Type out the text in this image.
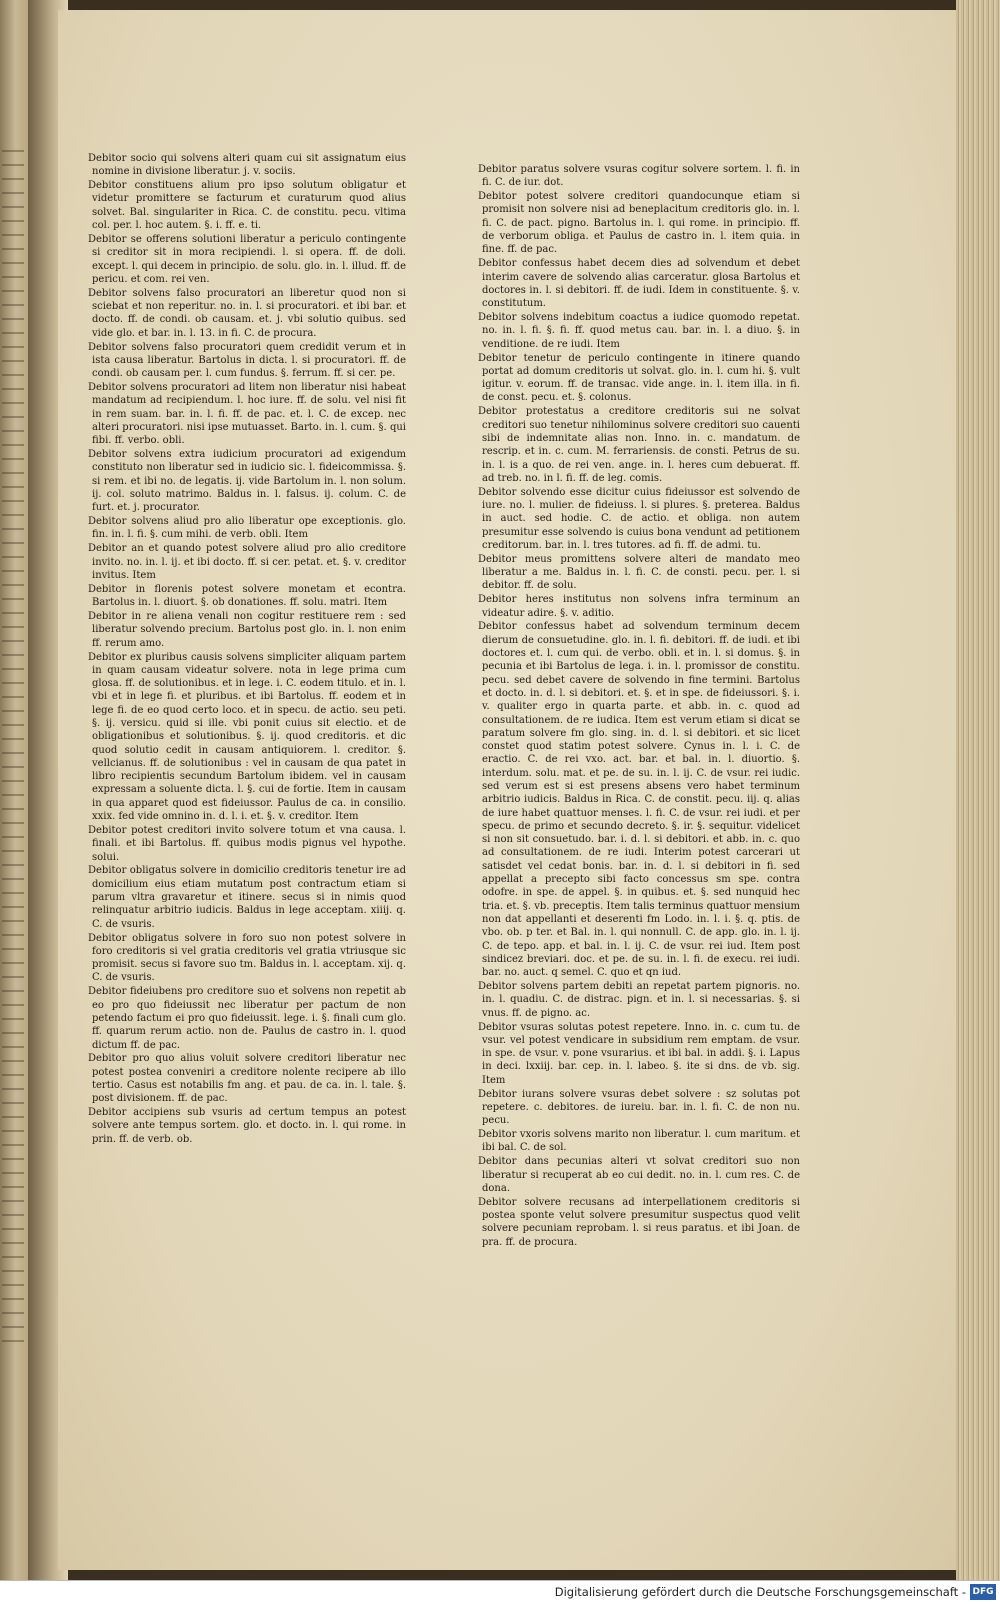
Debitor socio qui solvens alteri quam cui sit assignatum eius nomine in divisione liberatur. j. v. sociis.

Debitor constituens alium pro ipso solutum obligatur et videtur promittere se facturum et curaturum quod alius solvet. Bal. singulariter in Rica. C. de constitu. pecu. vltima col. per. l. hoc autem. §. i. ff. e. ti.

Debitor se offerens solutioni liberatur a periculo contingente si creditor sit in mora recipiendi. l. si opera. ff. de doli. except. l. qui decem in principio. de solu. glo. in. l. illud. ff. de pericu. et com. rei ven.

Debitor solvens falso procuratori an liberetur quod non si sciebat et non reperitur. no. in. l. si procuratori. et ibi bar. et docto. ff. de condi. ob causam. et. j. vbi solutio quibus. sed vide glo. et bar. in. l. 13. in fi. C. de procura.

Debitor solvens falso procuratori quem credidit verum et in ista causa liberatur. Bartolus in dicta. l. si procuratori. ff. de condi. ob causam per. l. cum fundus. §. ferrum. ff. si cer. pe.

Debitor solvens procuratori ad litem non liberatur nisi habeat mandatum ad recipiendum. l. hoc iure. ff. de solu. vel nisi fit in rem suam. bar. in. l. fi. ff. de pac. et. l. C. de excep. nec alteri procuratori. nisi ipse mutuasset. Barto. in. l. cum. §. qui fibi. ff. verbo. obli.

Debitor solvens extra iudicium procuratori ad exigendum constituto non liberatur sed in iudicio sic. l. fideicommissa. §. si rem. et ibi no. de legatis. ij. vide Bartolum in. l. non solum. ij. col. soluto matrimo. Baldus in. l. falsus. ij. colum. C. de furt. et. j. procurator.

Debitor solvens aliud pro alio liberatur ope exceptionis. glo. fin. in. l. fi. §. cum mihi. de verb. obli. Item

Debitor an et quando potest solvere aliud pro alio creditore invito. no. in. l. ij. et ibi docto. ff. si cer. petat. et. §. v. creditor invitus. Item

Debitor in florenis potest solvere monetam et econtra. Bartolus in. l. diuort. §. ob donationes. ff. solu. matri. Item

Debitor in re aliena venali non cogitur restituere rem : sed liberatur solvendo precium. Bartolus post glo. in. l. non enim ff. rerum amo.

Debitor ex pluribus causis solvens simpliciter aliquam partem in quam causam videatur solvere. nota in lege prima cum glosa. ff. de solutionibus. et in lege. i. C. eodem titulo. et in. l. vbi et in lege fi. et pluribus. et ibi Bartolus. ff. eodem et in lege fi. de eo quod certo loco. et in specu. de actio. seu peti. §. ij. versicu. quid si ille. vbi ponit cuius sit electio. et de obligationibus et solutionibus. §. ij. quod creditoris. et dic quod solutio cedit in causam antiquiorem. l. creditor. §. vellcianus. ff. de solutionibus : vel in causam de qua patet in libro recipientis secundum Bartolum ibidem. vel in causam expressam a soluente dicta. l. §. cui de fortie. Item in causam in qua apparet quod est fideiussor. Paulus de ca. in consilio. xxix. fed vide omnino in. d. l. i. et. §. v. creditor. Item

Debitor potest creditori invito solvere totum et vna causa. l. finali. et ibi Bartolus. ff. quibus modis pignus vel hypothe. solui.

Debitor obligatus solvere in domicilio creditoris tenetur ire ad domicilium eius etiam mutatum post contractum etiam si parum vltra gravaretur et itinere. secus si in nimis quod relinquatur arbitrio iudicis. Baldus in lege acceptam. xiiij. q. C. de vsuris.

Debitor obligatus solvere in foro suo non potest solvere in foro creditoris si vel gratia creditoris vel gratia vtriusque sic promisit. secus si favore suo tm. Baldus in. l. acceptam. xij. q. C. de vsuris.

Debitor fideiubens pro creditore suo et solvens non repetit ab eo pro quo fideiussit nec liberatur per pactum de non petendo factum ei pro quo fideiussit. lege. i. §. finali cum glo. ff. quarum rerum actio. non de. Paulus de castro in. l. quod dictum ff. de pac.

Debitor pro quo alius voluit solvere creditori liberatur nec potest postea conveniri a creditore nolente recipere ab illo tertio. Casus est notabilis fm ang. et pau. de ca. in. l. tale. §. post divisionem. ff. de pac.

Debitor accipiens sub vsuris ad certum tempus an potest solvere ante tempus sortem. glo. et docto. in. l. qui rome. in prin. ff. de verb. ob.

Debitor paratus solvere vsuras cogitur solvere sortem. l. fi. in fi. C. de iur. dot.

Debitor potest solvere creditori quandocunque etiam si promisit non solvere nisi ad beneplacitum creditoris glo. in. l. fi. C. de pact. pigno. Bartolus in. l. qui rome. in principio. ff. de verborum obliga. et Paulus de castro in. l. item quia. in fine. ff. de pac.

Debitor confessus habet decem dies ad solvendum et debet interim cavere de solvendo alias carceratur. glosa Bartolus et doctores in. l. si debitori. ff. de iudi. Idem in constituente. §. v. constitutum.

Debitor solvens indebitum coactus a iudice quomodo repetat. no. in. l. fi. §. fi. ff. quod metus cau. bar. in. l. a diuo. §. in venditione. de re iudi. Item

Debitor tenetur de periculo contingente in itinere quando portat ad domum creditoris ut solvat. glo. in. l. cum hi. §. vult igitur. v. eorum. ff. de transac. vide ange. in. l. item illa. in fi. de const. pecu. et. §. colonus.

Debitor protestatus a creditore creditoris sui ne solvat creditori suo tenetur nihilominus solvere creditori suo cauenti sibi de indemnitate alias non. Inno. in. c. mandatum. de rescrip. et in. c. cum. M. ferrariensis. de consti. Petrus de su. in. l. is a quo. de rei ven. ange. in. l. heres cum debuerat. ff. ad treb. no. in l. fi. ff. de leg. comis.

Debitor solvendo esse dicitur cuius fideiussor est solvendo de iure. no. l. mulier. de fideiuss. l. si plures. §. preterea. Baldus in auct. sed hodie. C. de actio. et obliga. non autem presumitur esse solvendo is cuius bona vendunt ad petitionem creditorum. bar. in. l. tres tutores. ad fi. ff. de admi. tu.

Debitor meus promittens solvere alteri de mandato meo liberatur a me. Baldus in. l. fi. C. de consti. pecu. per. l. si debitor. ff. de solu.

Debitor heres institutus non solvens infra terminum an videatur adire. §. v. aditio.

Debitor confessus habet ad solvendum terminum decem dierum de consuetudine. glo. in. l. fi. debitori. ff. de iudi. et ibi doctores et. l. cum qui. de verbo. obli. et in. l. si domus. §. in pecunia et ibi Bartolus de lega. i. in. l. promissor de constitu. pecu. sed debet cavere de solvendo in fine termini. Bartolus et docto. in. d. l. si debitori. et. §. et in spe. de fideiussori. §. i. v. qualiter ergo in quarta parte. et abb. in. c. quod ad consultationem. de re iudica. Item est verum etiam si dicat se paratum solvere fm glo. sing. in. d. l. si debitori. et sic licet constet quod statim potest solvere. Cynus in. l. i. C. de eractio. C. de rei vxo. act. bar. et bal. in. l. diuortio. §. interdum. solu. mat. et pe. de su. in. l. ij. C. de vsur. rei iudic. sed verum est si est presens absens vero habet terminum arbitrio iudicis. Baldus in Rica. C. de constit. pecu. iij. q. alias de iure habet quattuor menses. l. fi. C. de vsur. rei iudi. et per specu. de primo et secundo decreto. §. ir. §. sequitur. videlicet si non sit consuetudo. bar. i. d. l. si debitori. et abb. in. c. quo ad consultationem. de re iudi. Interim potest carcerari ut satisdet vel cedat bonis. bar. in. d. l. si debitori in fi. sed appellat a precepto sibi facto concessus sm spe. contra odofre. in spe. de appel. §. in quibus. et. §. sed nunquid hec tria. et. §. vb. preceptis. Item talis terminus quattuor mensium non dat appellanti et deserenti fm Lodo. in. l. i. §. q. ptis. de vbo. ob. p ter. et Bal. in. l. qui nonnull. C. de app. glo. in. l. ij. C. de tepo. app. et bal. in. l. ij. C. de vsur. rei iud. Item post sindicez breviari. doc. et pe. de su. in. l. fi. de execu. rei iudi. bar. no. auct. q semel. C. quo et qn iud.

Debitor solvens partem debiti an repetat partem pignoris. no. in. l. quadiu. C. de distrac. pign. et in. l. si necessarias. §. si vnus. ff. de pigno. ac.

Debitor vsuras solutas potest repetere. Inno. in. c. cum tu. de vsur. vel potest vendicare in subsidium rem emptam. de vsur. in spe. de vsur. v. pone vsurarius. et ibi bal. in addi. §. i. Lapus in deci. lxxiij. bar. cep. in. l. labeo. §. ite si dns. de vb. sig. Item

Debitor iurans solvere vsuras debet solvere : sz solutas pot repetere. c. debitores. de iureiu. bar. in. l. fi. C. de non nu. pecu.

Debitor vxoris solvens marito non liberatur. l. cum maritum. et ibi bal. C. de sol.

Debitor dans pecunias alteri vt solvat creditori suo non liberatur si recuperat ab eo cui dedit. no. in. l. cum res. C. de dona.

Debitor solvere recusans ad interpellationem creditoris si postea sponte velut solvere presumitur suspectus quod velit solvere pecuniam reprobam. l. si reus paratus. et ibi Joan. de pra. ff. de procura.

Digitalisierung gefördert durch die Deutsche Forschungsgemeinschaft - DFG
